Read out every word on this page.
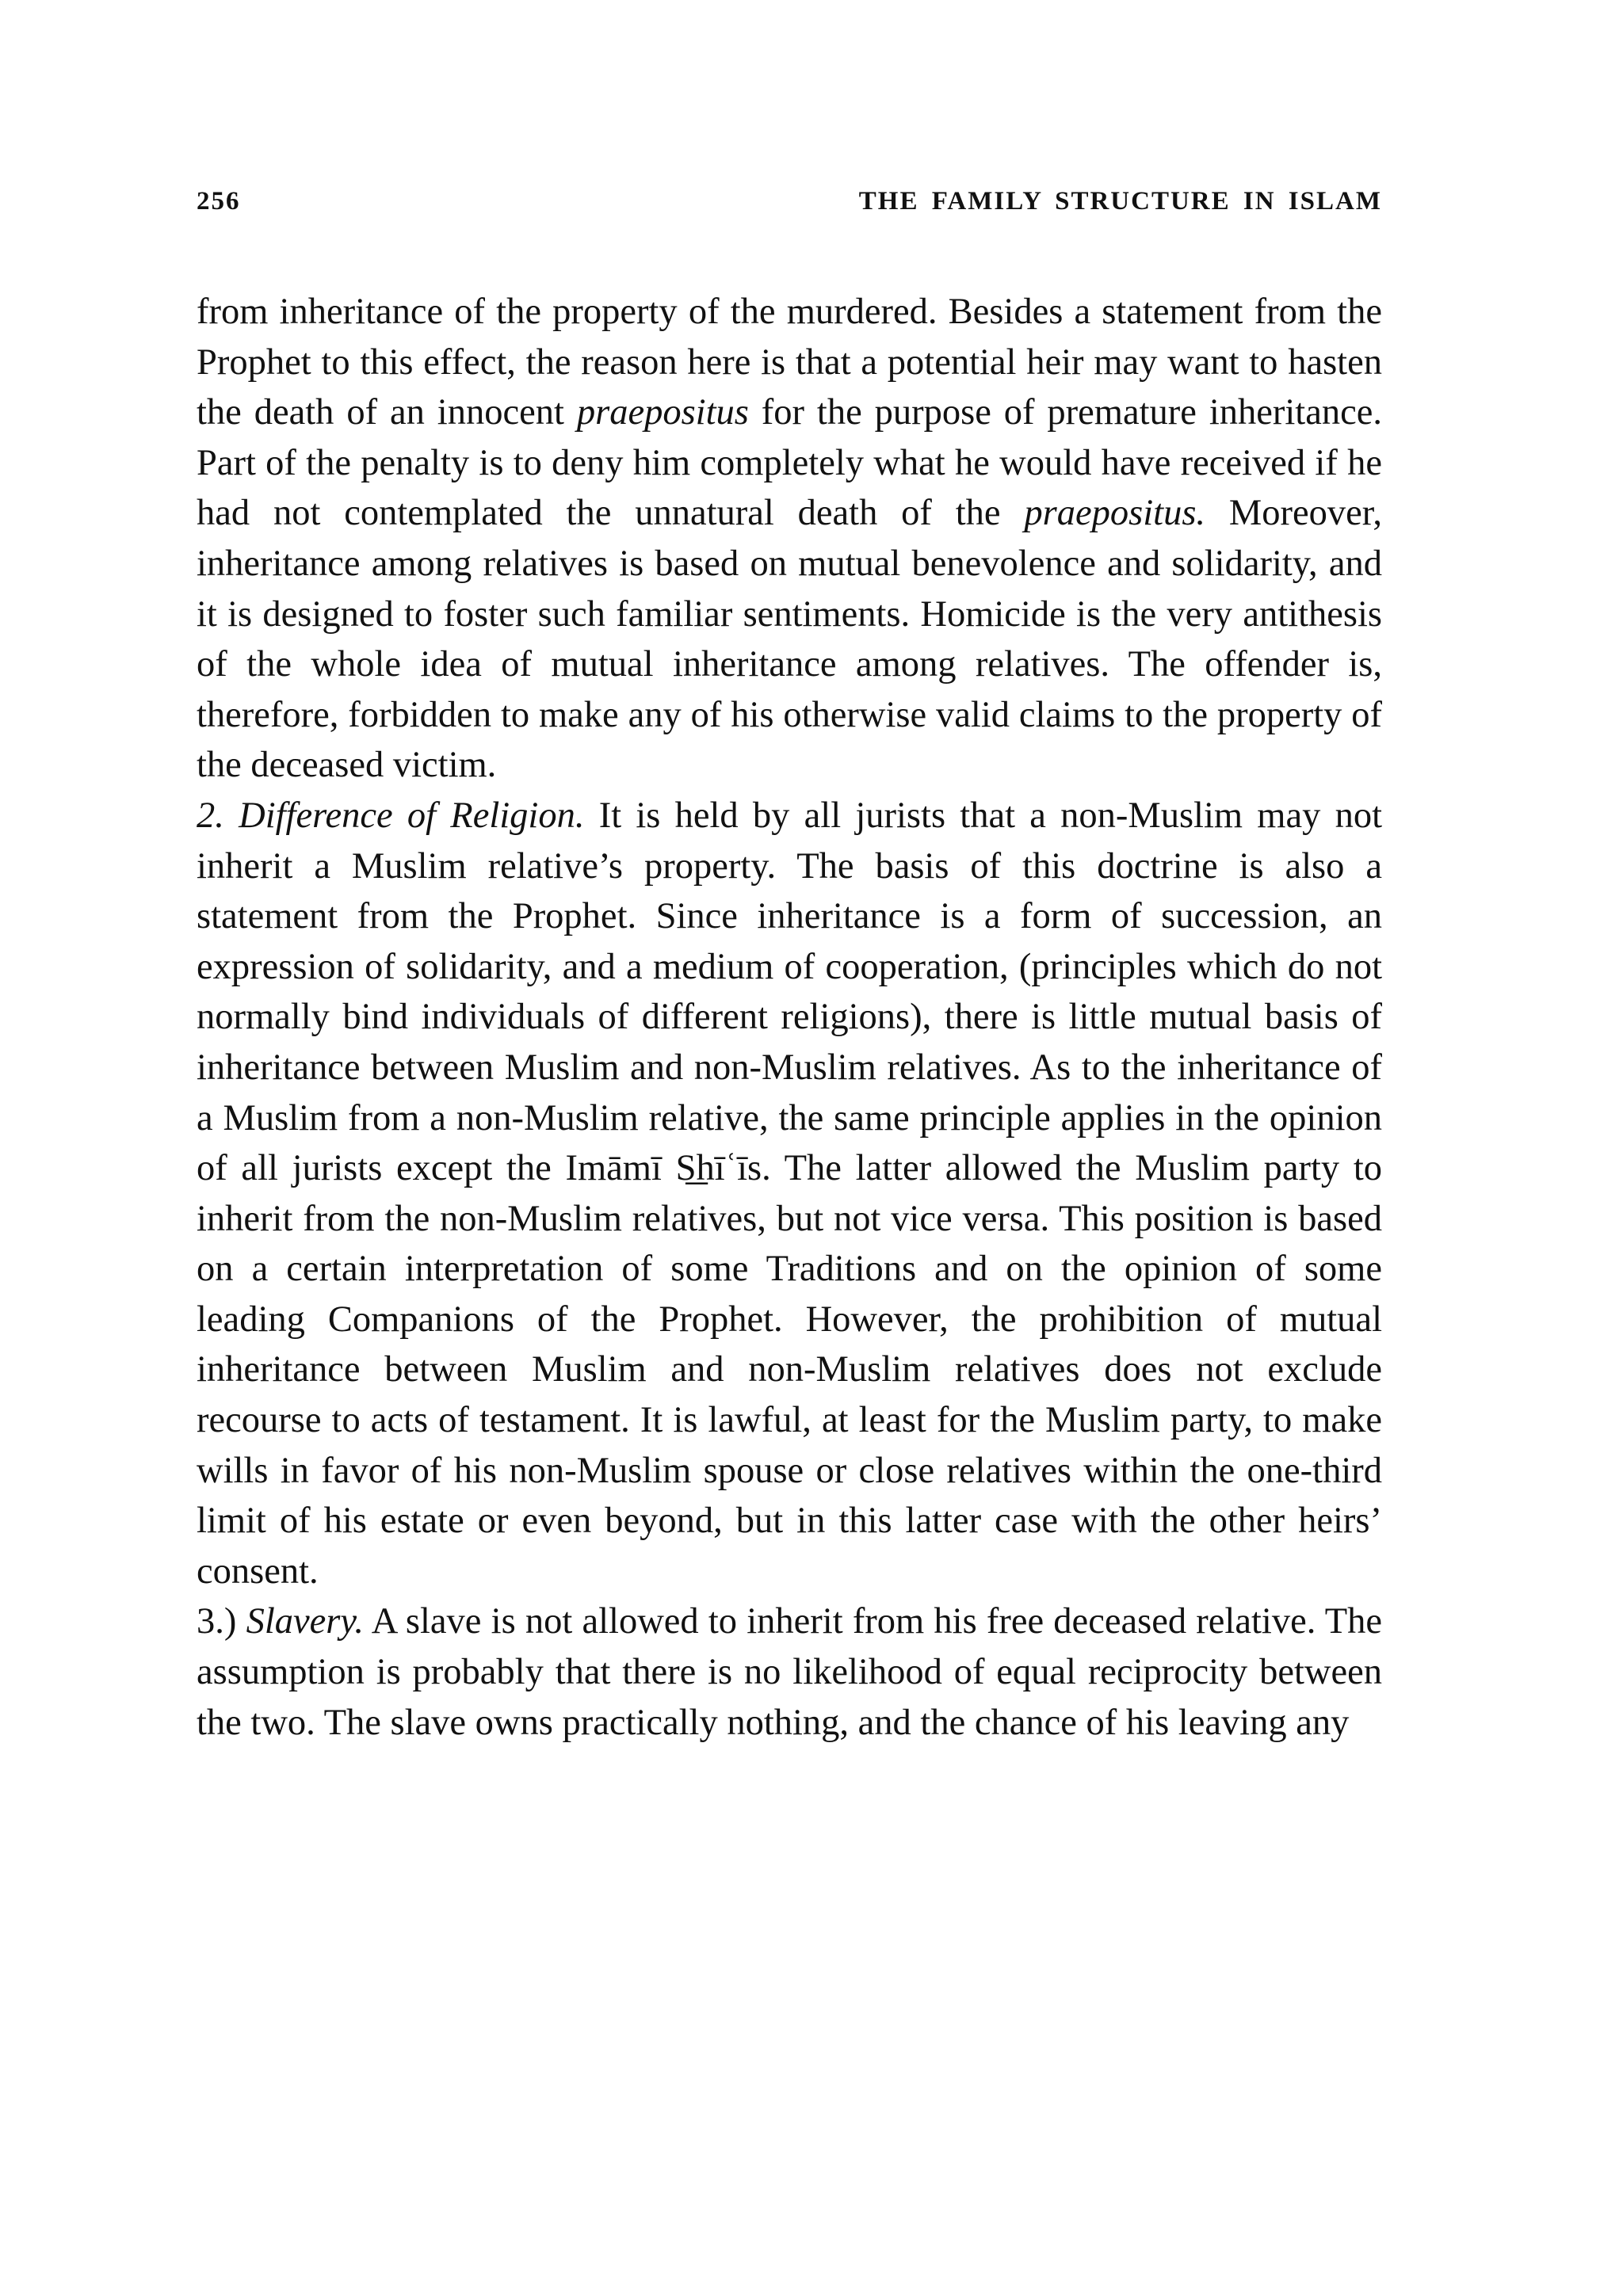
256	THE FAMILY STRUCTURE IN ISLAM

from inheritance of the property of the murdered. Besides a statement from the Prophet to this effect, the reason here is that a potential heir may want to hasten the death of an innocent praepositus for the purpose of premature inheritance. Part of the penalty is to deny him completely what he would have received if he had not contemplated the unnatural death of the praepositus. Moreover, inheritance among relatives is based on mutual benevolence and solidarity, and it is designed to foster such familiar sentiments. Homicide is the very antithesis of the whole idea of mutual inheritance among relatives. The offender is, therefore, forbidden to make any of his otherwise valid claims to the property of the deceased victim.

2. Difference of Religion. It is held by all jurists that a non-Muslim may not inherit a Muslim relative’s property. The basis of this doctrine is also a statement from the Prophet. Since inheritance is a form of succession, an expression of solidarity, and a medium of cooperation, (principles which do not normally bind individuals of different religions), there is little mutual basis of inheritance between Muslim and non-Muslim relatives. As to the inheritance of a Muslim from a non-Muslim relative, the same principle applies in the opinion of all jurists except the Imāmī S͟hīʿīs. The latter allowed the Muslim party to inherit from the non-Muslim relatives, but not vice versa. This position is based on a certain interpretation of some Traditions and on the opinion of some leading Companions of the Prophet. However, the prohibition of mutual inheritance between Muslim and non-Muslim relatives does not exclude recourse to acts of testament. It is lawful, at least for the Muslim party, to make wills in favor of his non-Muslim spouse or close relatives within the one-third limit of his estate or even beyond, but in this latter case with the other heirs’ consent.

3.) Slavery. A slave is not allowed to inherit from his free deceased relative. The assumption is probably that there is no likelihood of equal reciprocity between the two. The slave owns practically nothing, and the chance of his leaving any
